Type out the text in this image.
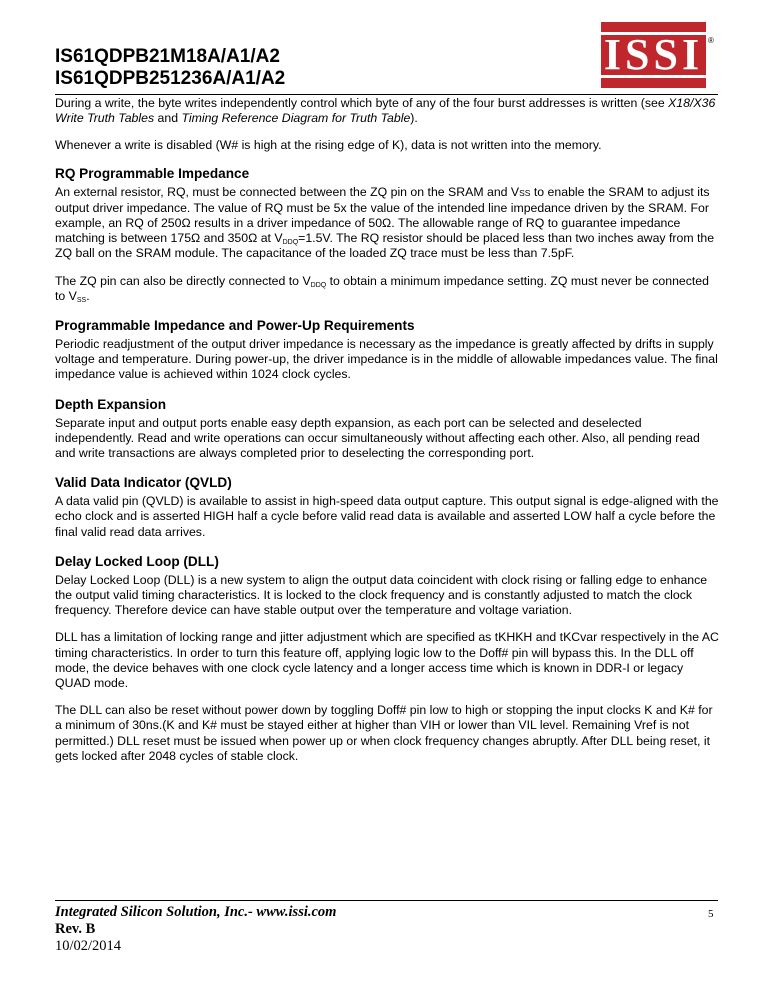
IS61QDPB21M18A/A1/A2
IS61QDPB251236A/A1/A2	ISSI ®

During a write, the byte writes independently control which byte of any of the four burst addresses is written (see X18/X36 Write Truth Tables and Timing Reference Diagram for Truth Table).

Whenever a write is disabled (W# is high at the rising edge of K), data is not written into the memory.

RQ Programmable Impedance

An external resistor, RQ, must be connected between the ZQ pin on the SRAM and VSS to enable the SRAM to adjust its output driver impedance. The value of RQ must be 5x the value of the intended line impedance driven by the SRAM. For example, an RQ of 250Ω results in a driver impedance of 50Ω. The allowable range of RQ to guarantee impedance matching is between 175Ω and 350Ω at $V_{DDQ}=1.5V$. The RQ resistor should be placed less than two inches away from the ZQ ball on the SRAM module. The capacitance of the loaded ZQ trace must be less than 7.5pF.

The ZQ pin can also be directly connected to $V_{DDQ}$ to obtain a minimum impedance setting. ZQ must never be connected to $V_{SS}$.

Programmable Impedance and Power-Up Requirements

Periodic readjustment of the output driver impedance is necessary as the impedance is greatly affected by drifts in supply voltage and temperature. During power-up, the driver impedance is in the middle of allowable impedances value. The final impedance value is achieved within 1024 clock cycles.

Depth Expansion

Separate input and output ports enable easy depth expansion, as each port can be selected and deselected independently. Read and write operations can occur simultaneously without affecting each other. Also, all pending read and write transactions are always completed prior to deselecting the corresponding port.

Valid Data Indicator (QVLD)

A data valid pin (QVLD) is available to assist in high-speed data output capture. This output signal is edge-aligned with the echo clock and is asserted HIGH half a cycle before valid read data is available and asserted LOW half a cycle before the final valid read data arrives.

Delay Locked Loop (DLL)

Delay Locked Loop (DLL) is a new system to align the output data coincident with clock rising or falling edge to enhance the output valid timing characteristics. It is locked to the clock frequency and is constantly adjusted to match the clock frequency. Therefore device can have stable output over the temperature and voltage variation.

DLL has a limitation of locking range and jitter adjustment which are specified as tKHKH and tKCvar respectively in the AC timing characteristics. In order to turn this feature off, applying logic low to the Doff# pin will bypass this. In the DLL off mode, the device behaves with one clock cycle latency and a longer access time which is known in DDR-I or legacy QUAD mode.

The DLL can also be reset without power down by toggling Doff# pin low to high or stopping the input clocks K and K# for a minimum of 30ns.(K and K# must be stayed either at higher than VIH or lower than VIL level. Remaining Vref is not permitted.) DLL reset must be issued when power up or when clock frequency changes abruptly. After DLL being reset, it gets locked after 2048 cycles of stable clock.

Integrated Silicon Solution, Inc.- www.issi.com
Rev. B
10/02/2014
5
